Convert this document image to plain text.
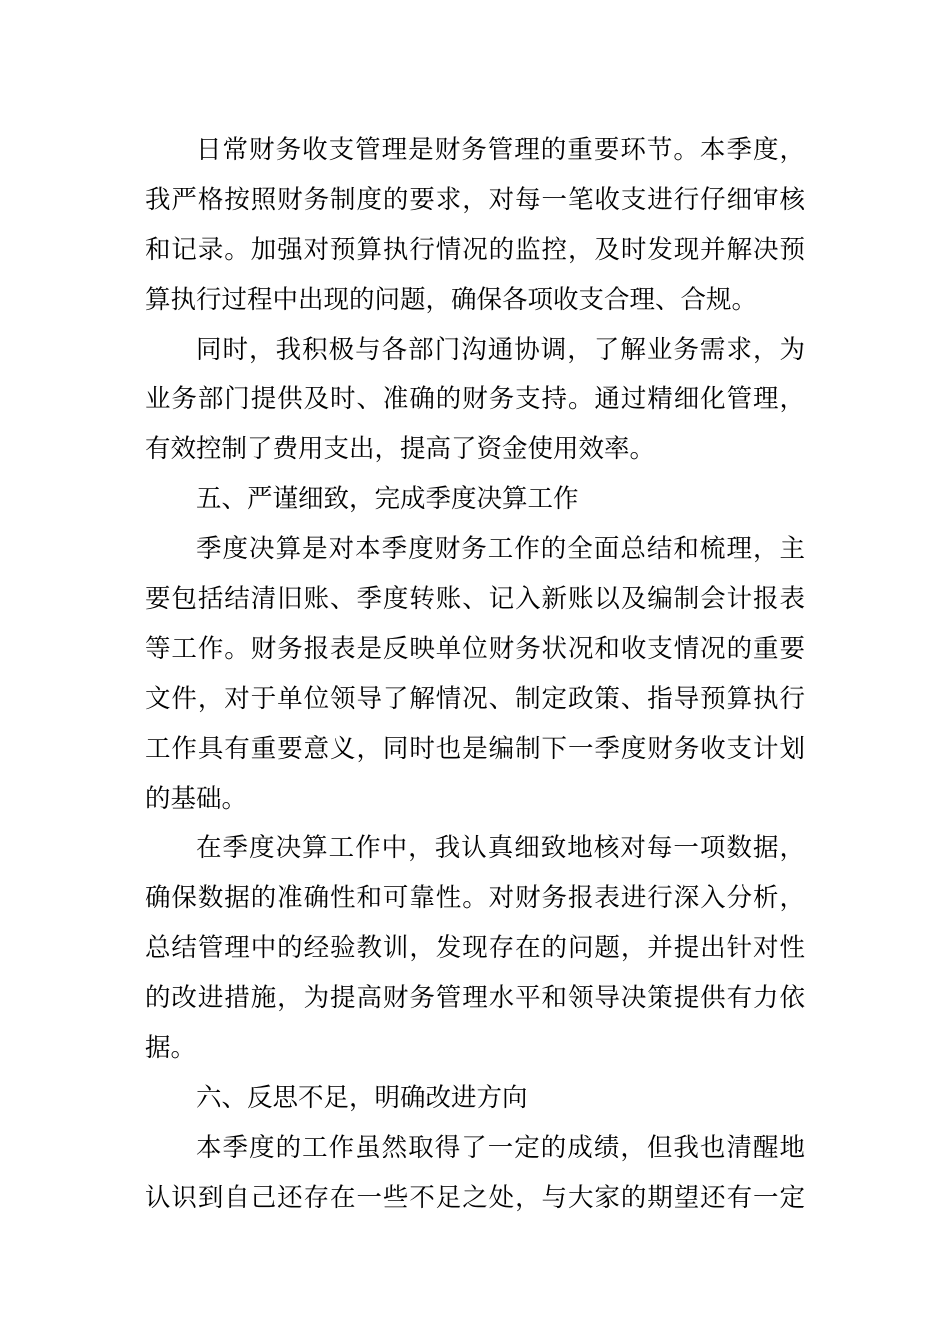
日常财务收支管理是财务管理的重要环节。本季度，
我严格按照财务制度的要求，对每一笔收支进行仔细审核
和记录。加强对预算执行情况的监控，及时发现并解决预
算执行过程中出现的问题，确保各项收支合理、合规。
同时，我积极与各部门沟通协调，了解业务需求，为
业务部门提供及时、准确的财务支持。通过精细化管理，
有效控制了费用支出，提高了资金使用效率。
五、严谨细致，完成季度决算工作
季度决算是对本季度财务工作的全面总结和梳理，主
要包括结清旧账、季度转账、记入新账以及编制会计报表
等工作。财务报表是反映单位财务状况和收支情况的重要
文件，对于单位领导了解情况、制定政策、指导预算执行
工作具有重要意义，同时也是编制下一季度财务收支计划
的基础。
在季度决算工作中，我认真细致地核对每一项数据，
确保数据的准确性和可靠性。对财务报表进行深入分析，
总结管理中的经验教训，发现存在的问题，并提出针对性
的改进措施，为提高财务管理水平和领导决策提供有力依
据。
六、反思不足，明确改进方向
本季度的工作虽然取得了一定的成绩，但我也清醒地
认识到自己还存在一些不足之处，与大家的期望还有一定
